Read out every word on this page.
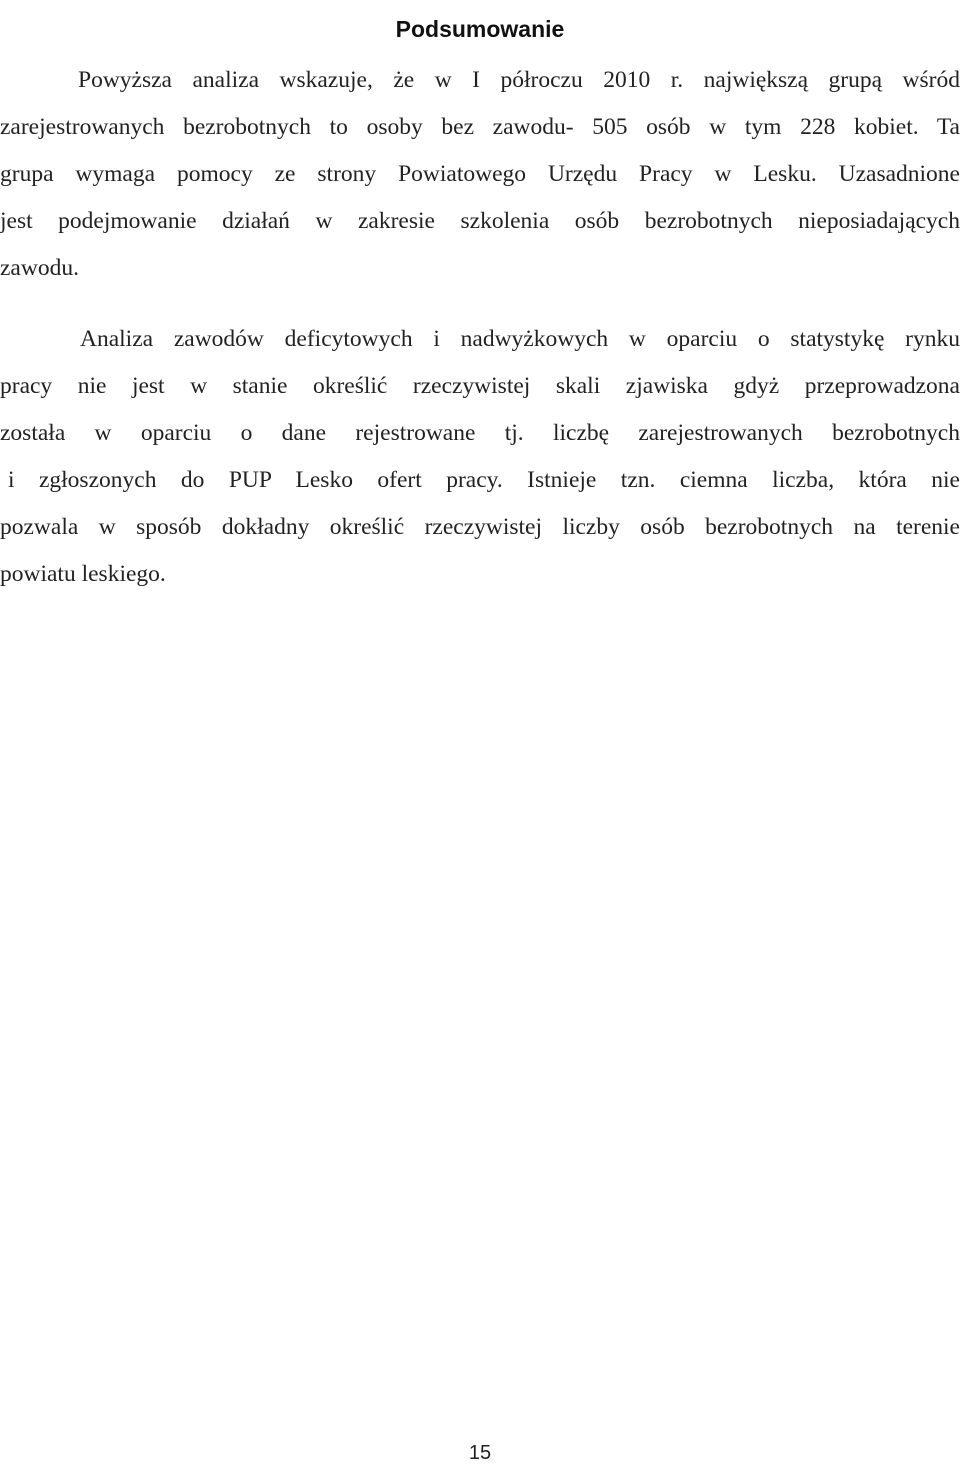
Podsumowanie
Powyższa analiza wskazuje, że w I półroczu 2010 r. największą grupą wśród
zarejestrowanych bezrobotnych to osoby bez zawodu- 505 osób w tym 228 kobiet. Ta
grupa wymaga pomocy ze strony Powiatowego Urzędu Pracy w Lesku. Uzasadnione
jest podejmowanie działań w zakresie szkolenia osób bezrobotnych nieposiadających
zawodu.
Analiza zawodów deficytowych i nadwyżkowych w oparciu o statystykę rynku
pracy nie jest w stanie określić rzeczywistej skali zjawiska gdyż przeprowadzona
została w oparciu o dane rejestrowane tj. liczbę zarejestrowanych bezrobotnych
i zgłoszonych do PUP Lesko ofert pracy. Istnieje tzn. ciemna liczba, która nie
pozwala w sposób dokładny określić rzeczywistej liczby osób bezrobotnych na terenie
powiatu leskiego.
15
